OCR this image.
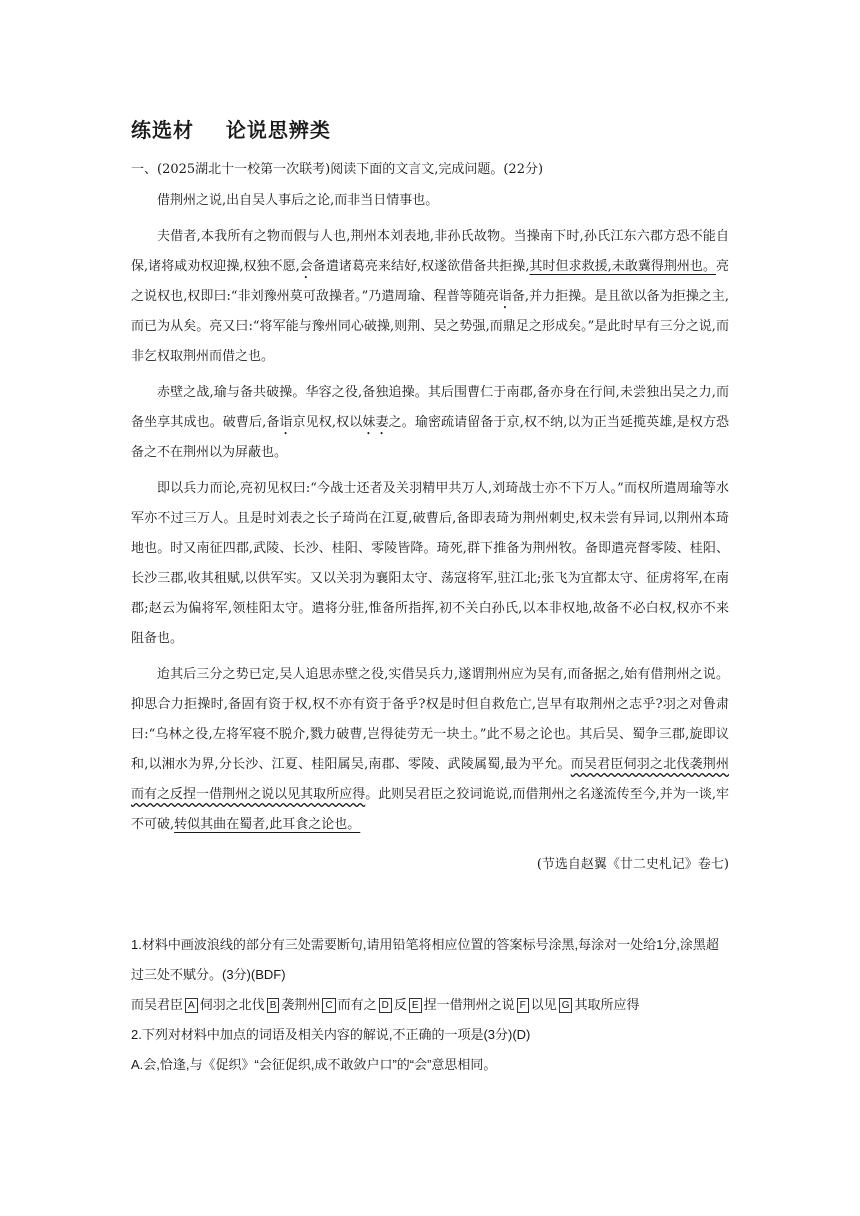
练选材    论说思辨类
一、(2025湖北十一校第一次联考)阅读下面的文言文,完成问题。(22分)

借荆州之说,出自吴人事后之论,而非当日情事也。

夫借者,本我所有之物而假与人也,荆州本刘表地,非孙氏故物。当操南下时,孙氏江东六郡方恐不能自保,诸将咸劝权迎操,权独不愿,会备遣诸葛亮来结好,权遂欲借备共拒操,其时但求救援,未敢冀得荆州也。亮之说权也,权即曰:“非刘豫州莫可敌操者。”乃遣周瑜、程普等随亮诣备,并力拒操。是且欲以备为拒操之主,而已为从矣。亮又曰:“将军能与豫州同心破操,则荆、吴之势强,而鼎足之形成矣。”是此时早有三分之说,而非乞权取荆州而借之也。

赤壁之战,瑜与备共破操。华容之役,备独追操。其后围曹仁于南郡,备亦身在行间,未尝独出吴之力,而备坐享其成也。破曹后,备诣京见权,权以妹妻之。瑜密疏请留备于京,权不纳,以为正当延揽英雄,是权方恐备之不在荆州以为屏蔽也。

即以兵力而论,亮初见权曰:“今战士还者及关羽精甲共万人,刘琦战士亦不下万人。”而权所遣周瑜等水军亦不过三万人。且是时刘表之长子琦尚在江夏,破曹后,备即表琦为荆州刺史,权未尝有异词,以荆州本琦地也。时又南征四郡,武陵、长沙、桂阳、零陵皆降。琦死,群下推备为荆州牧。备即遣亮督零陵、桂阳、长沙三郡,收其租赋,以供军实。又以关羽为襄阳太守、荡寇将军,驻江北;张飞为宜都太守、征虏将军,在南郡;赵云为偏将军,领桂阳太守。遣将分驻,惟备所指挥,初不关白孙氏,以本非权地,故备不必白权,权亦不来阻备也。

迨其后三分之势已定,吴人追思赤壁之役,实借吴兵力,遂谓荆州应为吴有,而备据之,始有借荆州之说。抑思合力拒操时,备固有资于权,权不亦有资于备乎?权是时但自救危亡,岂早有取荆州之志乎?羽之对鲁肃曰:“乌林之役,左将军寝不脱介,戮力破曹,岂得徒劳无一块土。”此不易之论也。其后吴、蜀争三郡,旋即议和,以湘水为界,分长沙、江夏、桂阳属吴,南郡、零陵、武陵属蜀,最为平允。而吴君臣伺羽之北伐袭荆州而有之反捏一借荆州之说以见其取所应得。此则吴君臣之狡词诡说,而借荆州之名遂流传至今,并为一谈,牢不可破,转似其曲在蜀者,此耳食之论也。

(节选自赵翼《廿二史札记》卷七)

1.材料中画波浪线的部分有三处需要断句,请用铅笔将相应位置的答案标号涂黑,每涂对一处给1分,涂黑超过三处不赋分。(3分)(BDF)

而吴君臣 A 伺羽之北伐 B 袭荆州 C 而有之 D 反 E 捏一借荆州之说 F 以见 G 其取所应得

2.下列对材料中加点的词语及相关内容的解说,不正确的一项是(3分)(D)

A.会,恰逢,与《促织》“会征促织,成不敢敛户口”的“会”意思相同。
